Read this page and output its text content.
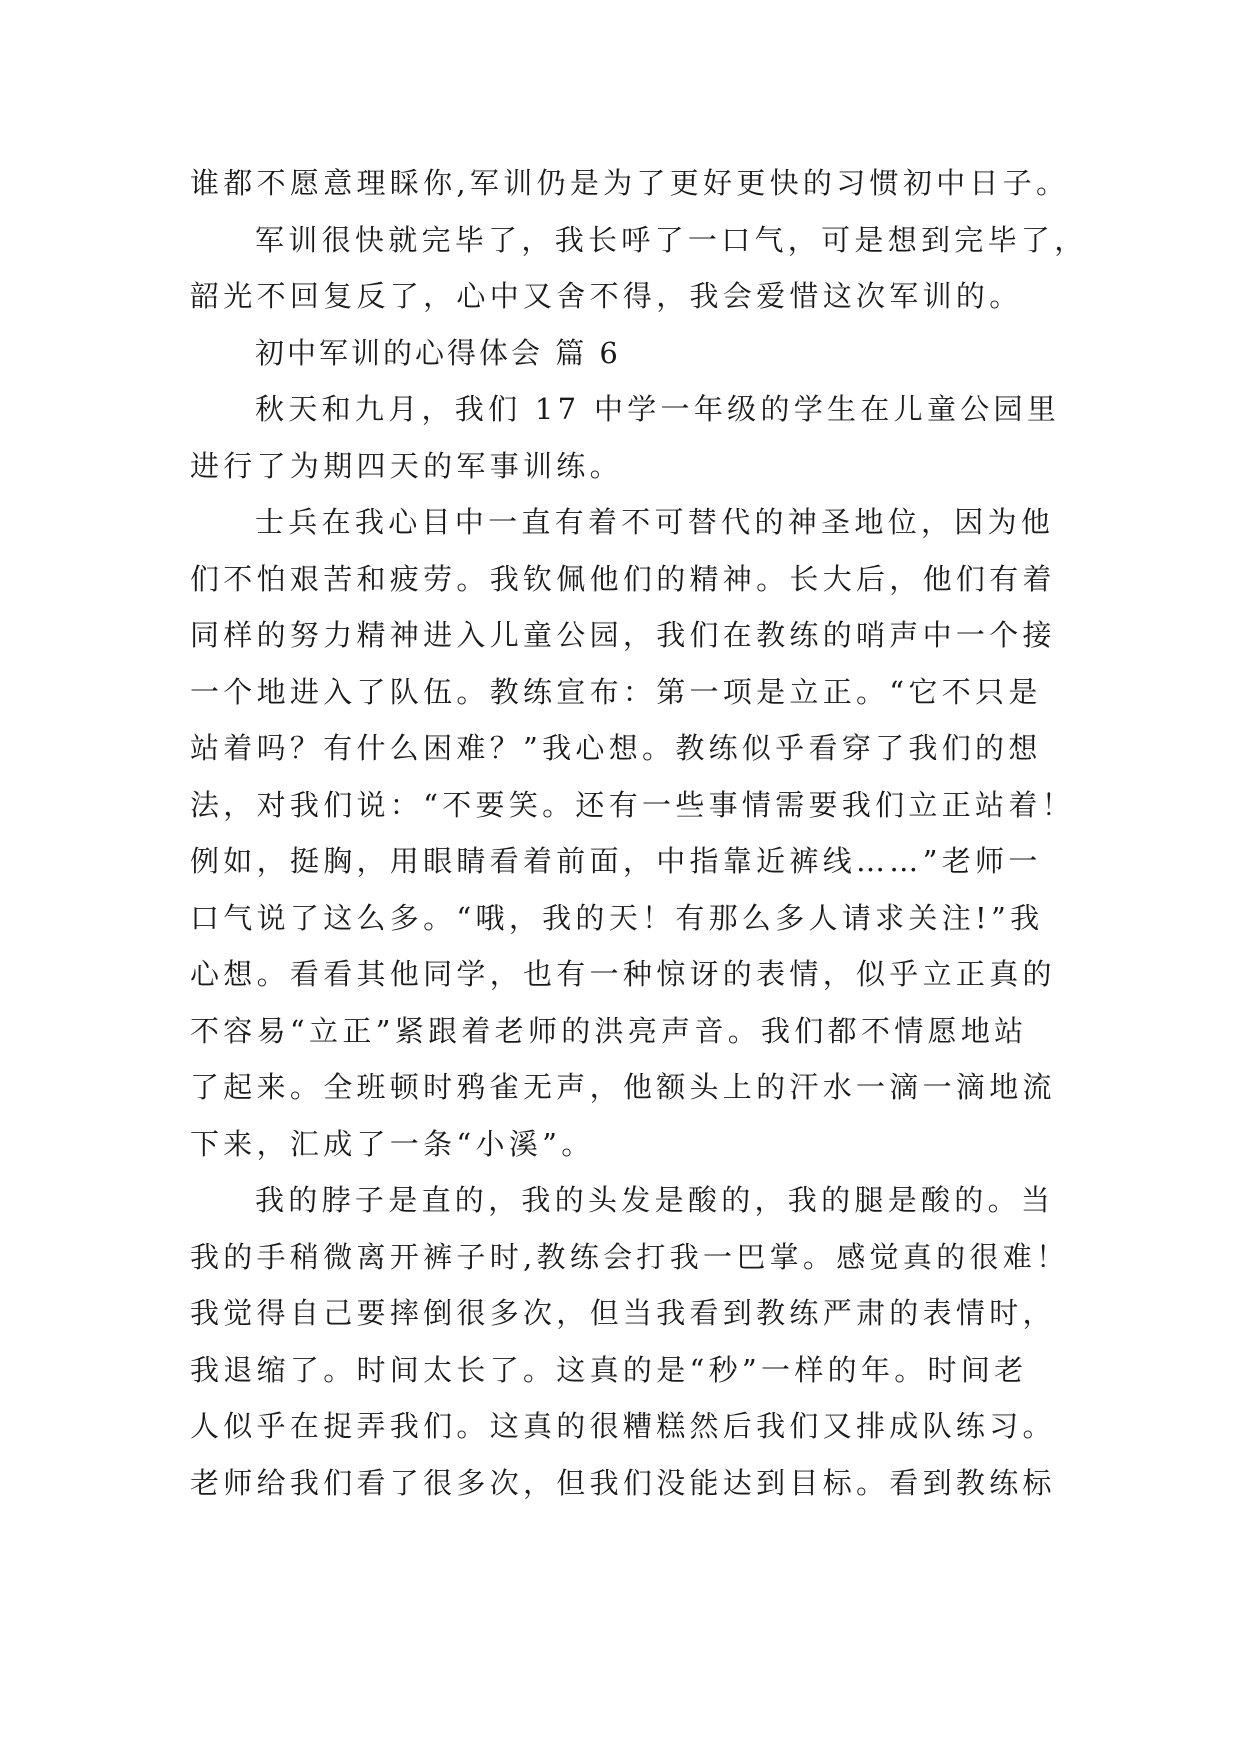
谁都不愿意理睬你,军训仍是为了更好更快的习惯初中日子。
军训很快就完毕了，我长呼了一口气，可是想到完毕了，
韶光不回复反了，心中又舍不得，我会爱惜这次军训的。
初中军训的心得体会 篇 6
秋天和九月，我们 17 中学一年级的学生在儿童公园里
进行了为期四天的军事训练。
士兵在我心目中一直有着不可替代的神圣地位，因为他
们不怕艰苦和疲劳。我钦佩他们的精神。长大后，他们有着
同样的努力精神进入儿童公园，我们在教练的哨声中一个接
一个地进入了队伍。教练宣布：第一项是立正。“它不只是
站着吗？有什么困难？”我心想。教练似乎看穿了我们的想
法，对我们说：“不要笑。还有一些事情需要我们立正站着！
例如，挺胸，用眼睛看着前面，中指靠近裤线……”老师一
口气说了这么多。“哦，我的天！有那么多人请求关注!”我
心想。看看其他同学，也有一种惊讶的表情，似乎立正真的
不容易“立正”紧跟着老师的洪亮声音。我们都不情愿地站
了起来。全班顿时鸦雀无声，他额头上的汗水一滴一滴地流
下来，汇成了一条“小溪”。
我的脖子是直的，我的头发是酸的，我的腿是酸的。当
我的手稍微离开裤子时,教练会打我一巴掌。感觉真的很难！
我觉得自己要摔倒很多次，但当我看到教练严肃的表情时，
我退缩了。时间太长了。这真的是“秒”一样的年。时间老
人似乎在捉弄我们。这真的很糟糕然后我们又排成队练习。
老师给我们看了很多次，但我们没能达到目标。看到教练标
